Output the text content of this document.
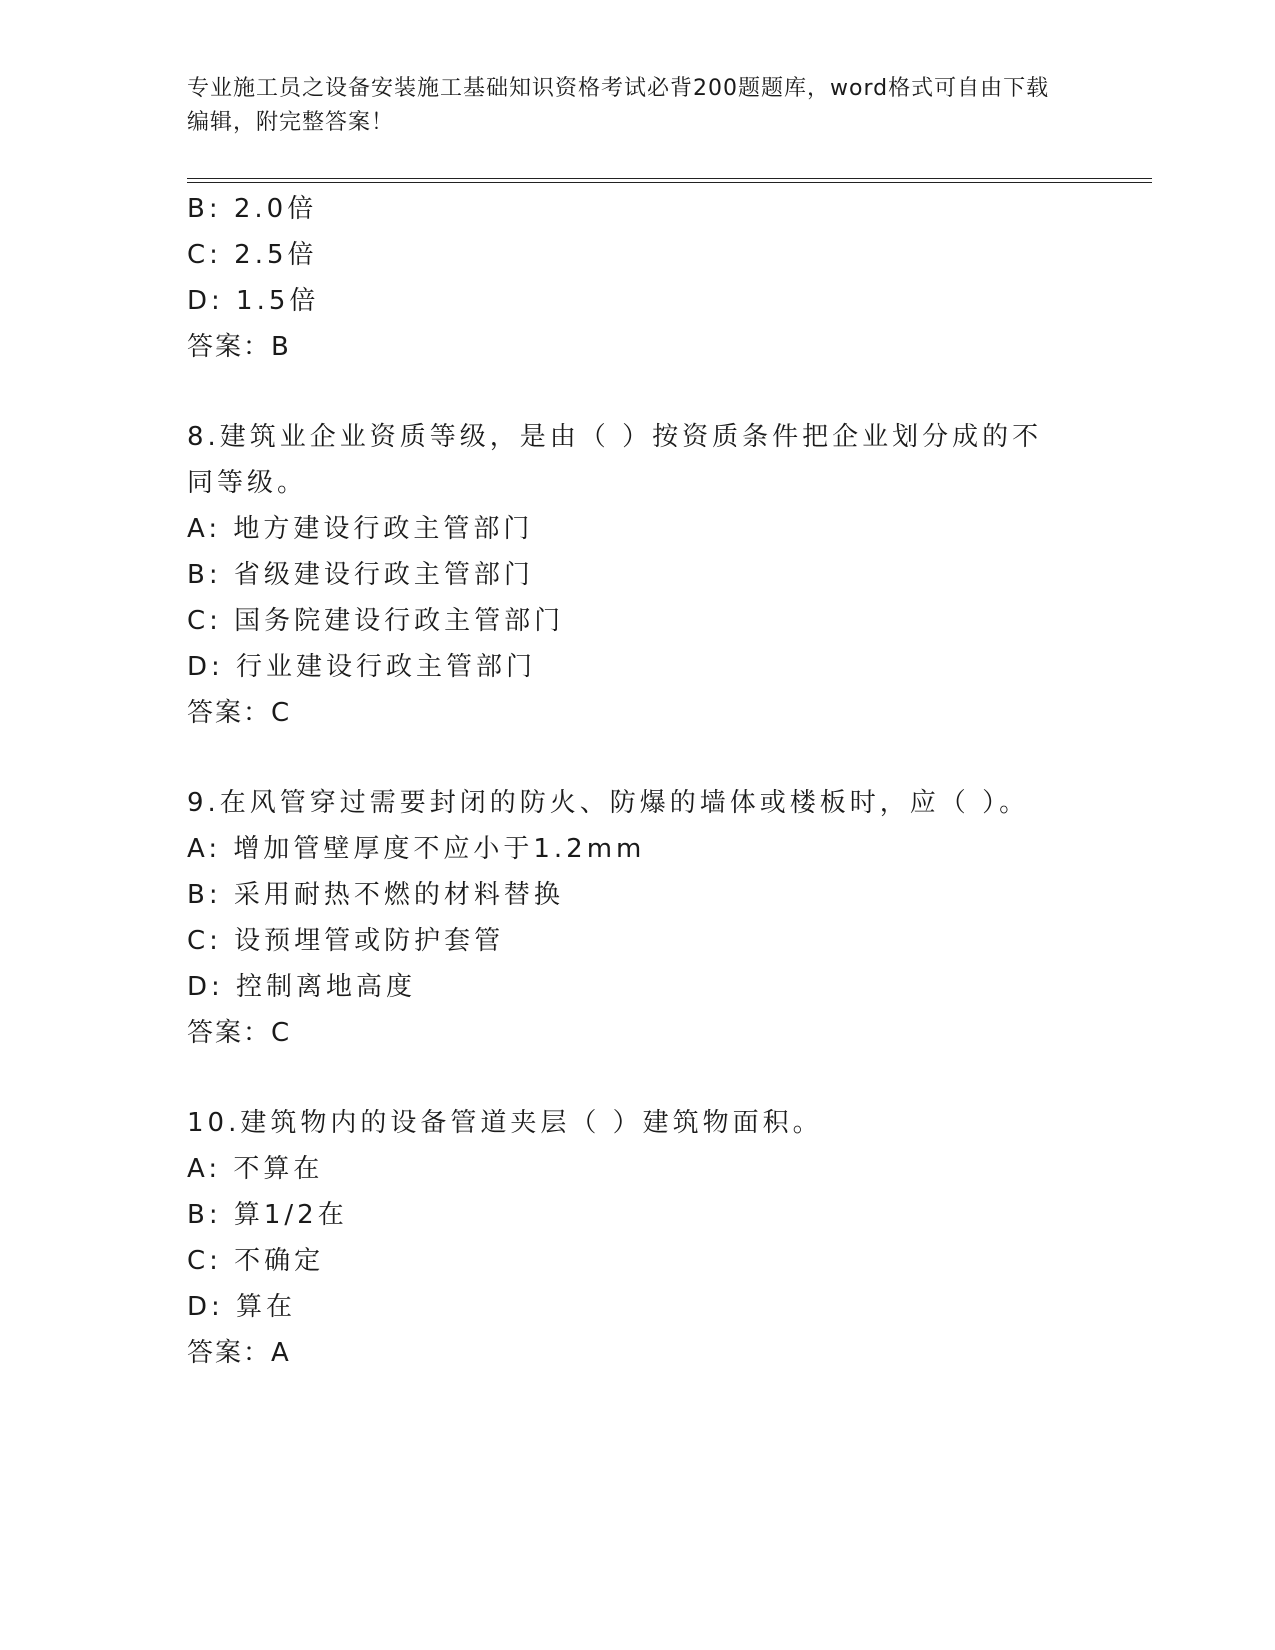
专业施工员之设备安装施工基础知识资格考试必背200题题库，word格式可自由下载编辑，附完整答案！
B: 2.0倍
C: 2.5倍
D: 1.5倍
答案：B
8.建筑业企业资质等级，是由（ ）按资质条件把企业划分成的不同等级。
A: 地方建设行政主管部门
B: 省级建设行政主管部门
C: 国务院建设行政主管部门
D: 行业建设行政主管部门
答案：C
9.在风管穿过需要封闭的防火、防爆的墙体或楼板时，应（ ）。
A: 增加管壁厚度不应小于1.2mm
B: 采用耐热不燃的材料替换
C: 设预埋管或防护套管
D: 控制离地高度
答案：C
10.建筑物内的设备管道夹层（ ）建筑物面积。
A: 不算在
B: 算1/2在
C: 不确定
D: 算在
答案：A
